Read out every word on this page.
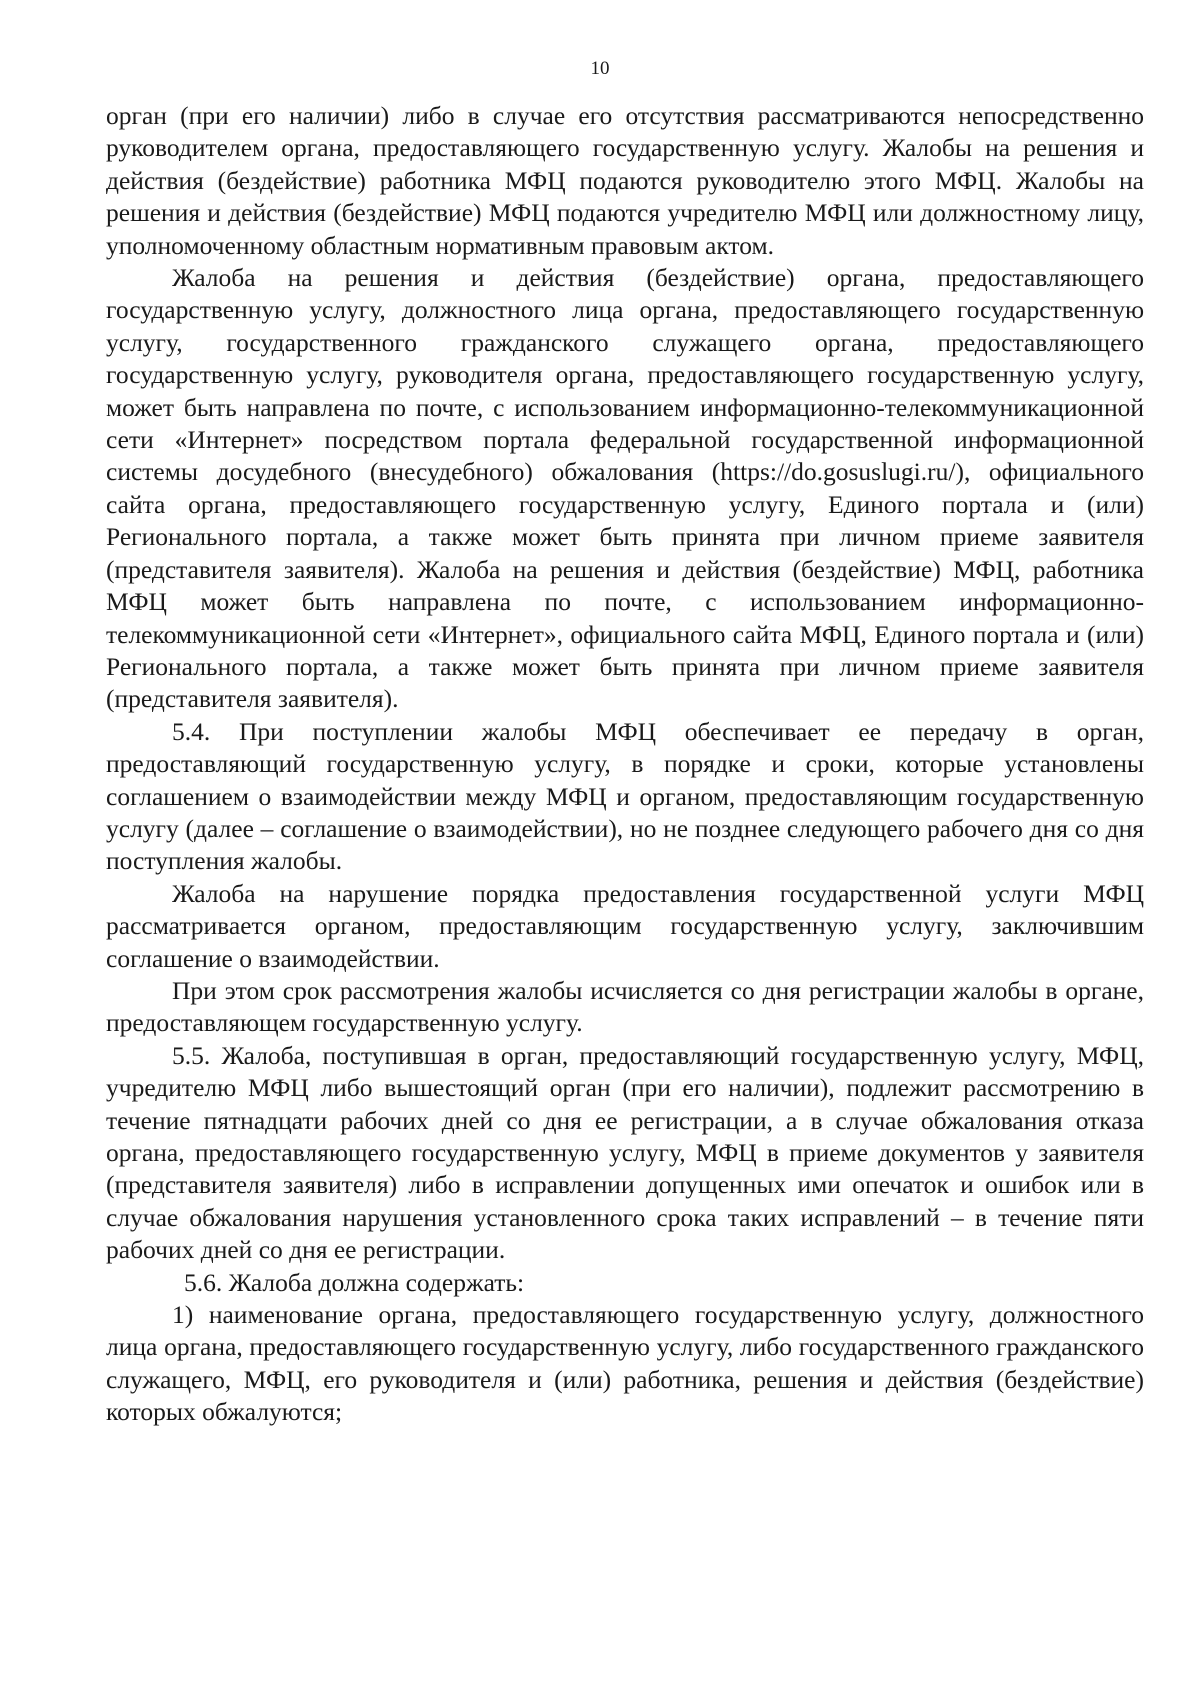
10

орган (при его наличии) либо в случае его отсутствия рассматриваются непосредственно руководителем органа, предоставляющего государственную услугу. Жалобы на решения и действия (бездействие) работника МФЦ подаются руководителю этого МФЦ. Жалобы на решения и действия (бездействие) МФЦ подаются учредителю МФЦ или должностному лицу, уполномоченному областным нормативным правовым актом.

Жалоба на решения и действия (бездействие) органа, предоставляющего государственную услугу, должностного лица органа, предоставляющего государственную услугу, государственного гражданского служащего органа, предоставляющего государственную услугу, руководителя органа, предоставляющего государственную услугу, может быть направлена по почте, с использованием информационно-телекоммуникационной сети «Интернет» посредством портала федеральной государственной информационной системы досудебного (внесудебного) обжалования (https://do.gosuslugi.ru/), официального сайта органа, предоставляющего государственную услугу, Единого портала и (или) Регионального портала, а также может быть принята при личном приеме заявителя (представителя заявителя). Жалоба на решения и действия (бездействие) МФЦ, работника МФЦ может быть направлена по почте, с использованием информационно-телекоммуникационной сети «Интернет», официального сайта МФЦ, Единого портала и (или) Регионального портала, а также может быть принята при личном приеме заявителя (представителя заявителя).

5.4. При поступлении жалобы МФЦ обеспечивает ее передачу в орган, предоставляющий государственную услугу, в порядке и сроки, которые установлены соглашением о взаимодействии между МФЦ и органом, предоставляющим государственную услугу (далее – соглашение о взаимодействии), но не позднее следующего рабочего дня со дня поступления жалобы.

Жалоба на нарушение порядка предоставления государственной услуги МФЦ рассматривается органом, предоставляющим государственную услугу, заключившим соглашение о взаимодействии.

При этом срок рассмотрения жалобы исчисляется со дня регистрации жалобы в органе, предоставляющем государственную услугу.

5.5. Жалоба, поступившая в орган, предоставляющий государственную услугу, МФЦ, учредителю МФЦ либо вышестоящий орган (при его наличии), подлежит рассмотрению в течение пятнадцати рабочих дней со дня ее регистрации, а в случае обжалования отказа органа, предоставляющего государственную услугу, МФЦ в приеме документов у заявителя (представителя заявителя) либо в исправлении допущенных ими опечаток и ошибок или в случае обжалования нарушения установленного срока таких исправлений – в течение пяти рабочих дней со дня ее регистрации.

5.6. Жалоба должна содержать:

1) наименование органа, предоставляющего государственную услугу, должностного лица органа, предоставляющего государственную услугу, либо государственного гражданского служащего, МФЦ, его руководителя и (или) работника, решения и действия (бездействие) которых обжалуются;
